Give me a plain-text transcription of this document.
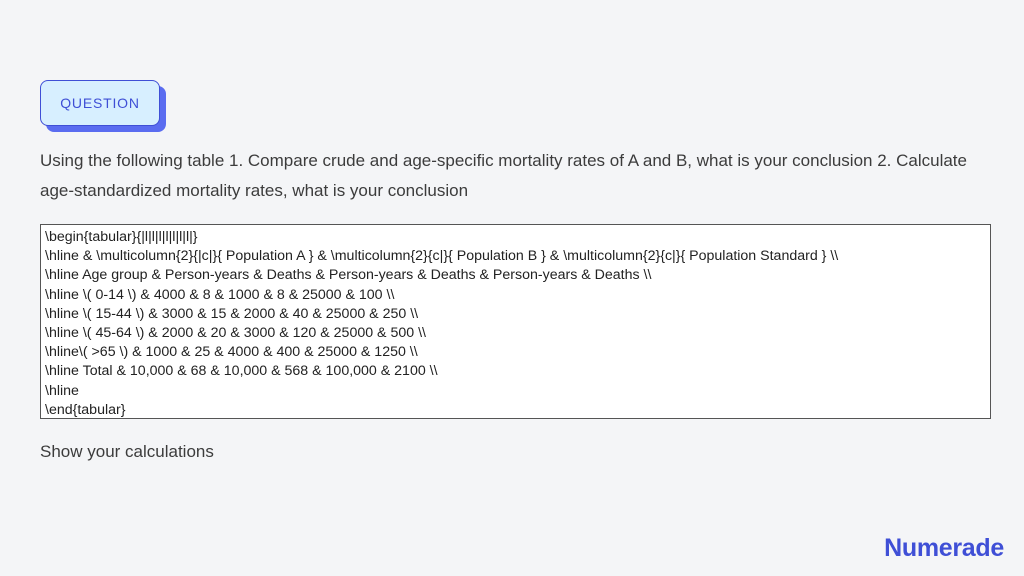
QUESTION

Using the following table 1. Compare crude and age-specific mortality rates of A and B, what is your conclusion 2. Calculate age-standardized mortality rates, what is your conclusion

\begin{tabular}{|l|l|l|l|l|l|l|}
\hline & \multicolumn{2}{|c|}{ Population A } & \multicolumn{2}{c|}{ Population B } & \multicolumn{2}{c|}{ Population Standard } \\
\hline Age group & Person-years & Deaths & Person-years & Deaths & Person-years & Deaths \\
\hline \( 0-14 \) & 4000 & 8 & 1000 & 8 & 25000 & 100 \\
\hline \( 15-44 \) & 3000 & 15 & 2000 & 40 & 25000 & 250 \\
\hline \( 45-64 \) & 2000 & 20 & 3000 & 120 & 25000 & 500 \\
\hline\( >65 \) & 1000 & 25 & 4000 & 400 & 25000 & 1250 \\
\hline Total & 10,000 & 68 & 10,000 & 568 & 100,000 & 2100 \\
\hline
\end{tabular}

Show your calculations

Numerade
